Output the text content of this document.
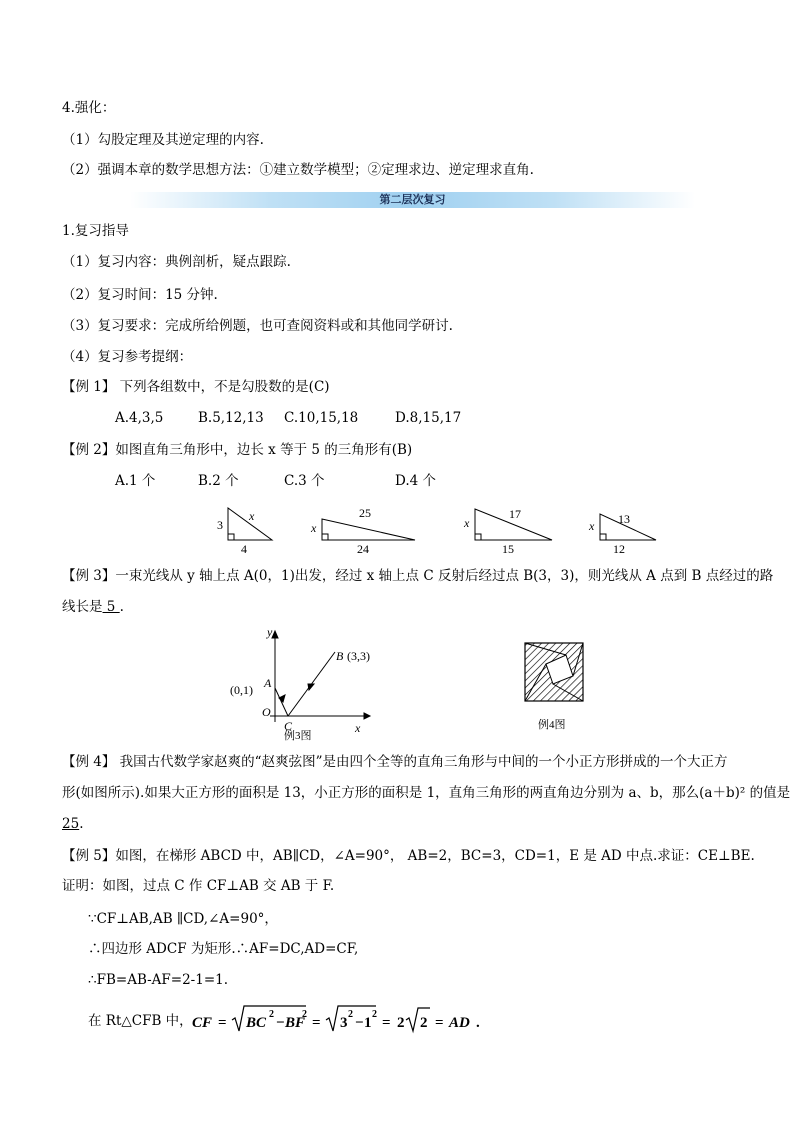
4.强化：
（1）勾股定理及其逆定理的内容.
（2）强调本章的数学思想方法：①建立数学模型；②定理求边、逆定理求直角.
第二层次复习
1.复习指导
（1）复习内容：典例剖析，疑点跟踪.
（2）复习时间：15 分钟.
（3）复习要求：完成所给例题，也可查阅资料或和其他同学研讨.
（4）复习参考提纲：
【例 1】 下列各组数中，不是勾股数的是(C)
A.4,3,5	B.5,12,13 C.10,15,18	D.8,15,17
【例 2】如图直角三角形中，边长 x 等于 5 的三角形有(B)
A.1 个	B.2 个	C.3 个	D.4 个
3
x
4
x
25
24
x
17
15
x 13
12
【例 3】一束光线从 y 轴上点 A(0，1)出发，经过 x 轴上点 C 反射后经过点 B(3，3)，则光线从 A 点到 B 点经过的路
线长是 5 .
y
x
O
A
(0,1)
C
B (3,3)
例3图
例4图
【例 4】 我国古代数学家赵爽的“赵爽弦图”是由四个全等的直角三角形与中间的一个小正方形拼成的一个大正方
形(如图所示).如果大正方形的面积是 13，小正方形的面积是 1，直角三角形的两直角边分别为 a、b，那么(a＋b)² 的值是
25.
【例 5】如图，在梯形 ABCD 中，AB∥CD，∠A=90°， AB=2，BC=3，CD=1，E 是 AD 中点.求证：CE⊥BE.
证明：如图，过点 C 作 CF⊥AB 交 AB 于 F.
∵CF⊥AB,AB ∥CD,∠A=90°，
∴四边形 ADCF 为矩形.∴AF=DC,AD=CF,
∴FB=AB-AF=2-1=1.
在 Rt△CFB 中， CF = BC
2
− BF
2
= 3
2
− 1
2
= 2 2 = AD .
